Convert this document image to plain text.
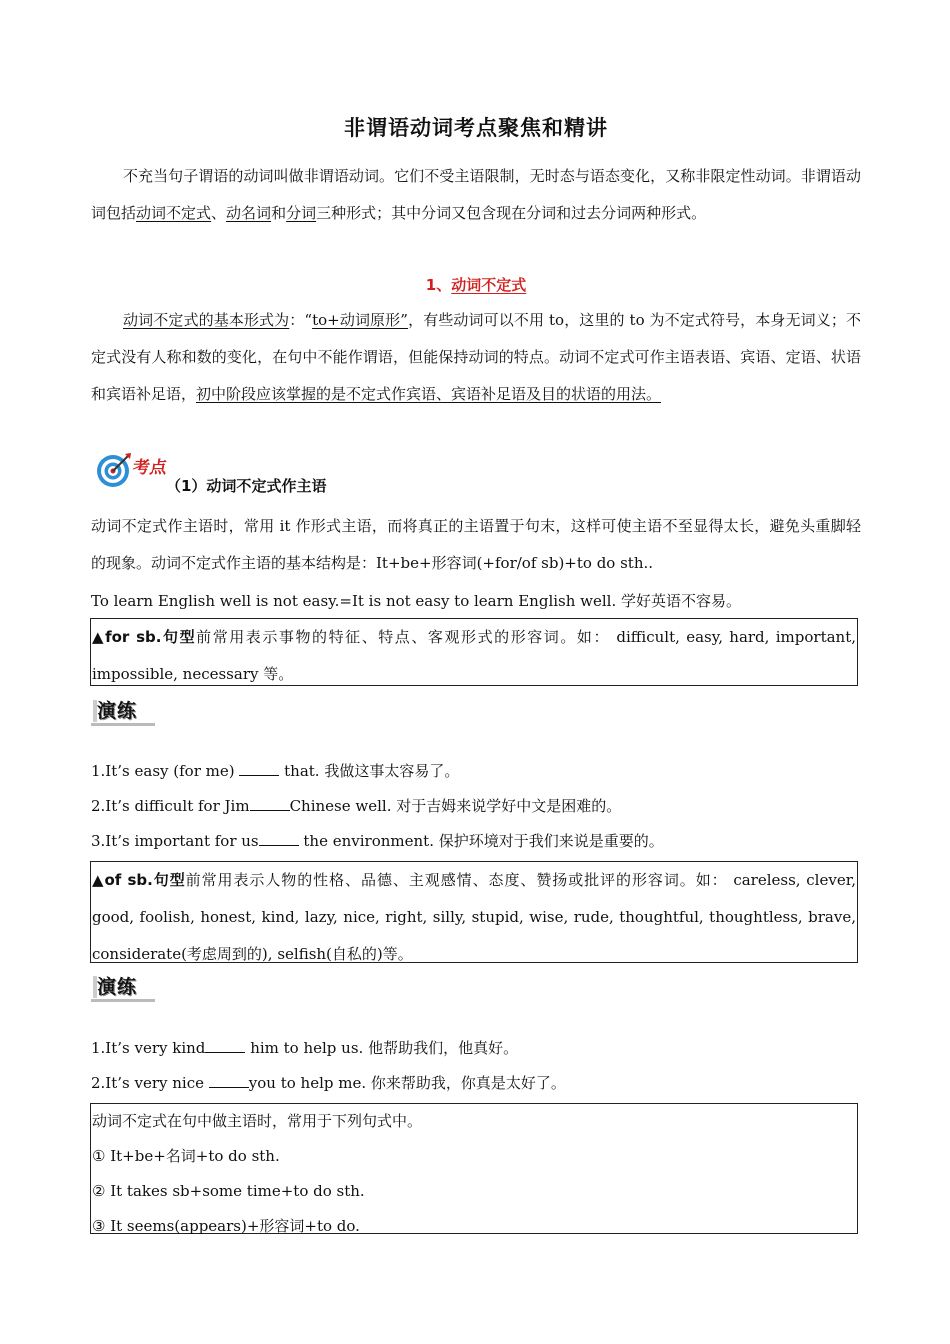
非谓语动词考点聚焦和精讲
不充当句子谓语的动词叫做非谓语动词。它们不受主语限制，无时态与语态变化，又称非限定性动词。非谓语动词包括动词不定式、动名词和分词三种形式；其中分词又包含现在分词和过去分词两种形式。
1、动词不定式
动词不定式的基本形式为：“to+动词原形”，有些动词可以不用 to，这里的 to 为不定式符号，本身无词义；不定式没有人称和数的变化，在句中不能作谓语，但能保持动词的特点。动词不定式可作主语表语、宾语、定语、状语和宾语补足语，初中阶段应该掌握的是不定式作宾语、宾语补足语及目的状语的用法。
考点
（1）动词不定式作主语
动词不定式作主语时，常用 it 作形式主语，而将真正的主语置于句末，这样可使主语不至显得太长，避免头重脚轻的现象。动词不定式作主语的基本结构是：It+be+形容词(+for/of sb)+to do sth..
To learn English well is not easy.=It is not easy to learn English well. 学好英语不容易。
▲for sb.句型前常用表示事物的特征、特点、客观形式的形容词。如： difficult, easy, hard, important, impossible, necessary 等。
演练
1.It’s easy (for me)	that. 我做这事太容易了。
2.It’s difficult for Jim	Chinese well. 对于吉姆来说学好中文是困难的。
3.It’s important for us	the environment. 保护环境对于我们来说是重要的。
▲of sb.句型前常用表示人物的性格、品德、主观感情、态度、赞扬或批评的形容词。如： careless, clever, good, foolish, honest, kind, lazy, nice, right, silly, stupid, wise, rude, thoughtful, thoughtless, brave, considerate(考虑周到的), selfish(自私的)等。
演练
1.It’s very kind	him to help us. 他帮助我们，他真好。
2.It’s very nice	you to help me. 你来帮助我，你真是太好了。
动词不定式在句中做主语时，常用于下列句式中。
① It+be+名词+to do sth.
② It takes sb+some time+to do sth.
③ It seems(appears)+形容词+to do.
